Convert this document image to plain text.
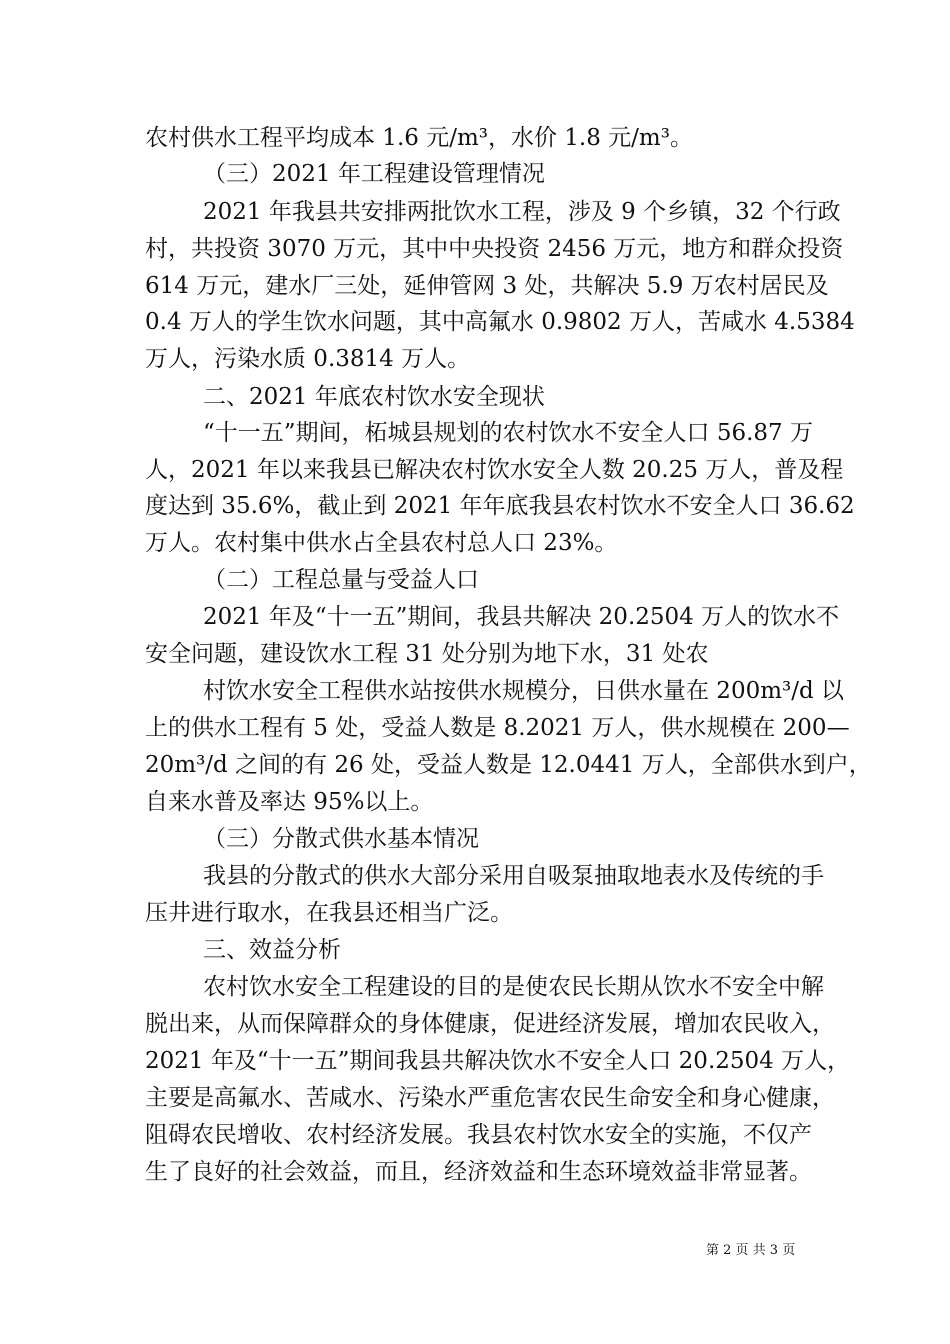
农村供水工程平均成本 1.6 元/m³，水价 1.8 元/m³。
（三）2021 年工程建设管理情况
2021 年我县共安排两批饮水工程，涉及 9 个乡镇，32 个行政
村，共投资 3070 万元，其中中央投资 2456 万元，地方和群众投资
614 万元，建水厂三处，延伸管网 3 处，共解决 5.9 万农村居民及
0.4 万人的学生饮水问题，其中高氟水 0.9802 万人，苦咸水 4.5384
万人，污染水质 0.3814 万人。
二、2021 年底农村饮水安全现状
“十一五”期间，柘城县规划的农村饮水不安全人口 56.87 万
人，2021 年以来我县已解决农村饮水安全人数 20.25 万人，普及程
度达到 35.6%，截止到 2021 年年底我县农村饮水不安全人口 36.62
万人。农村集中供水占全县农村总人口 23%。
（二）工程总量与受益人口
2021 年及“十一五”期间，我县共解决 20.2504 万人的饮水不
安全问题，建设饮水工程 31 处分别为地下水，31 处农
村饮水安全工程供水站按供水规模分，日供水量在 200m³/d 以
上的供水工程有 5 处，受益人数是 8.2021 万人，供水规模在 200—
20m³/d 之间的有 26 处，受益人数是 12.0441 万人，全部供水到户，
自来水普及率达 95%以上。
（三）分散式供水基本情况
我县的分散式的供水大部分采用自吸泵抽取地表水及传统的手
压井进行取水，在我县还相当广泛。
三、效益分析
农村饮水安全工程建设的目的是使农民长期从饮水不安全中解
脱出来，从而保障群众的身体健康，促进经济发展，增加农民收入，
2021 年及“十一五”期间我县共解决饮水不安全人口 20.2504 万人，
主要是高氟水、苦咸水、污染水严重危害农民生命安全和身心健康，
阻碍农民增收、农村经济发展。我县农村饮水安全的实施，不仅产
生了良好的社会效益，而且，经济效益和生态环境效益非常显著。
第 2 页 共 3 页
